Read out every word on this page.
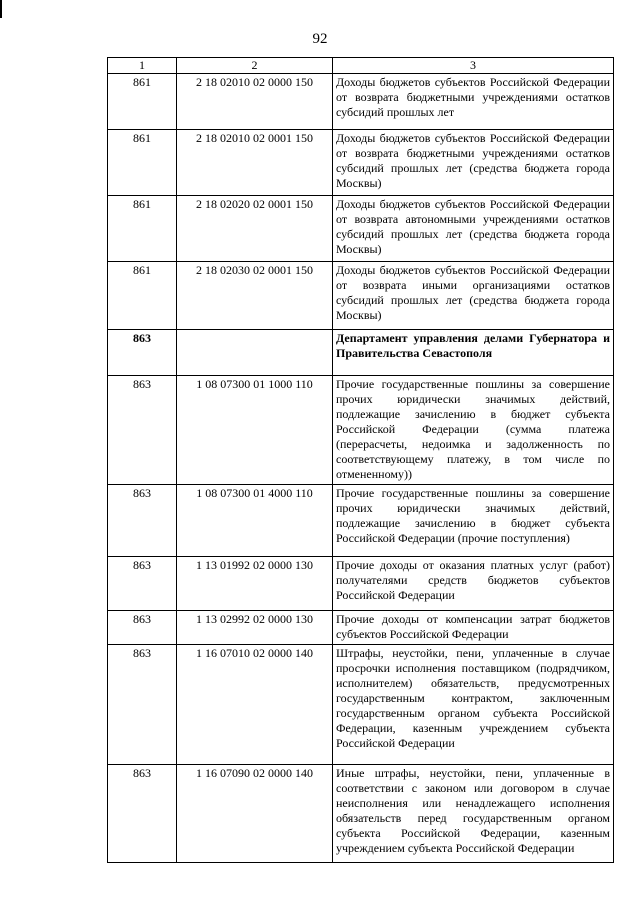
92
1	2	3
861	2 18 02010 02 0000 150	Доходы бюджетов субъектов Российской Федерации от возврата бюджетными учреждениями остатков субсидий прошлых лет
861	2 18 02010 02 0001 150	Доходы бюджетов субъектов Российской Федерации от возврата бюджетными учреждениями остатков субсидий прошлых лет (средства бюджета города Москвы)
861	2 18 02020 02 0001 150	Доходы бюджетов субъектов Российской Федерации от возврата автономными учреждениями остатков субсидий прошлых лет (средства бюджета города Москвы)
861	2 18 02030 02 0001 150	Доходы бюджетов субъектов Российской Федерации от возврата иными организациями остатков субсидий прошлых лет (средства бюджета города Москвы)
863		Департамент управления делами Губернатора и Правительства Севастополя
863	1 08 07300 01 1000 110	Прочие государственные пошлины за совершение прочих юридически значимых действий, подлежащие зачислению в бюджет субъекта Российской Федерации (сумма платежа (перерасчеты, недоимка и задолженность по соответствующему платежу, в том числе по отмененному))
863	1 08 07300 01 4000 110	Прочие государственные пошлины за совершение прочих юридически значимых действий, подлежащие зачислению в бюджет субъекта Российской Федерации (прочие поступления)
863	1 13 01992 02 0000 130	Прочие доходы от оказания платных услуг (работ) получателями средств бюджетов субъектов Российской Федерации
863	1 13 02992 02 0000 130	Прочие доходы от компенсации затрат бюджетов субъектов Российской Федерации
863	1 16 07010 02 0000 140	Штрафы, неустойки, пени, уплаченные в случае просрочки исполнения поставщиком (подрядчиком, исполнителем) обязательств, предусмотренных государственным контрактом, заключенным государственным органом субъекта Российской Федерации, казенным учреждением субъекта Российской Федерации
863	1 16 07090 02 0000 140	Иные штрафы, неустойки, пени, уплаченные в соответствии с законом или договором в случае неисполнения или ненадлежащего исполнения обязательств перед государственным органом субъекта Российской Федерации, казенным учреждением субъекта Российской Федерации
